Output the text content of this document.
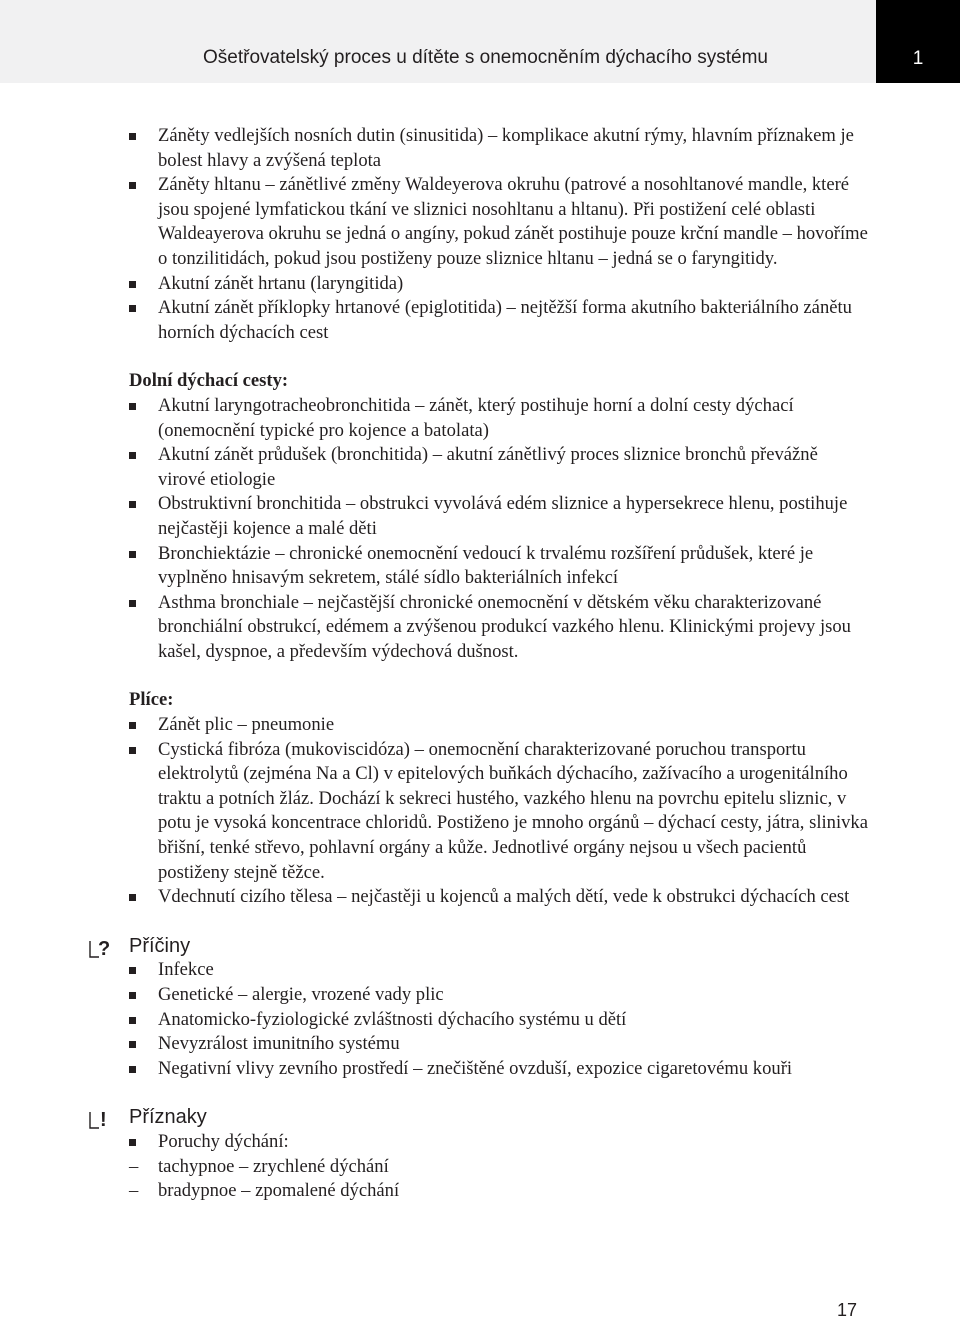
Ošetřovatelský proces u dítěte s onemocněním dýchacího systému	1
Záněty vedlejších nosních dutin (sinusitida) – komplikace akutní rýmy, hlavním příznakem je bolest hlavy a zvýšená teplota
Záněty hltanu – zánětlivé změny Waldeyerova okruhu (patrové a nosohltanové mandle, které jsou spojené lymfatickou tkání ve sliznici nosohltanu a hltanu). Při postižení celé oblasti Waldeayerova okruhu se jedná o angíny, pokud zánět postihuje pouze krční mandle – hovoříme o tonzilitidách, pokud jsou postiženy pouze sliznice hltanu – jedná se o faryngitidy.
Akutní zánět hrtanu (laryngitida)
Akutní zánět příklopky hrtanové (epiglotitida) – nejtěžší forma akutního bakteriálního zánětu horních dýchacích cest
Dolní dýchací cesty:
Akutní laryngotracheobronchitida – zánět, který postihuje horní a dolní cesty dýchací (onemocnění typické pro kojence a batolata)
Akutní zánět průdušek (bronchitida) – akutní zánětlivý proces sliznice bronchů převážně virové etiologie
Obstruktivní bronchitida – obstrukci vyvolává edém sliznice a hypersekrece hlenu, postihuje nejčastěji kojence a malé děti
Bronchiektázie – chronické onemocnění vedoucí k trvalému rozšíření průdušek, které je vyplněno hnisavým sekretem, stálé sídlo bakteriálních infekcí
Asthma bronchiale – nejčastější chronické onemocnění v dětském věku charakterizované bronchiální obstrukcí, edémem a zvýšenou produkcí vazkého hlenu. Klinickými projevy jsou kašel, dyspnoe, a především výdechová dušnost.
Plíce:
Zánět plic – pneumonie
Cystická fibróza (mukoviscidóza) – onemocnění charakterizované poruchou transportu elektrolytů (zejména Na a Cl) v epitelových buňkách dýchacího, zažívacího a urogenitálního traktu a potních žláz. Dochází k sekreci hustého, vazkého hlenu na povrchu epitelu sliznic, v potu je vysoká koncentrace chloridů. Postiženo je mnoho orgánů – dýchací cesty, játra, slinivka břišní, tenké střevo, pohlavní orgány a kůže. Jednotlivé orgány nejsou u všech pacientů postiženy stejně těžce.
Vdechnutí cizího tělesa – nejčastěji u kojenců a malých dětí, vede k obstrukci dýchacích cest
? Příčiny
Infekce
Genetické – alergie, vrozené vady plic
Anatomicko-fyziologické zvláštnosti dýchacího systému u dětí
Nevyzrálost imunitního systému
Negativní vlivy zevního prostředí – znečištěné ovzduší, expozice cigaretovému kouři
! Příznaky
Poruchy dýchání:
– tachypnoe – zrychlené dýchání
– bradypnoe – zpomalené dýchání
17
